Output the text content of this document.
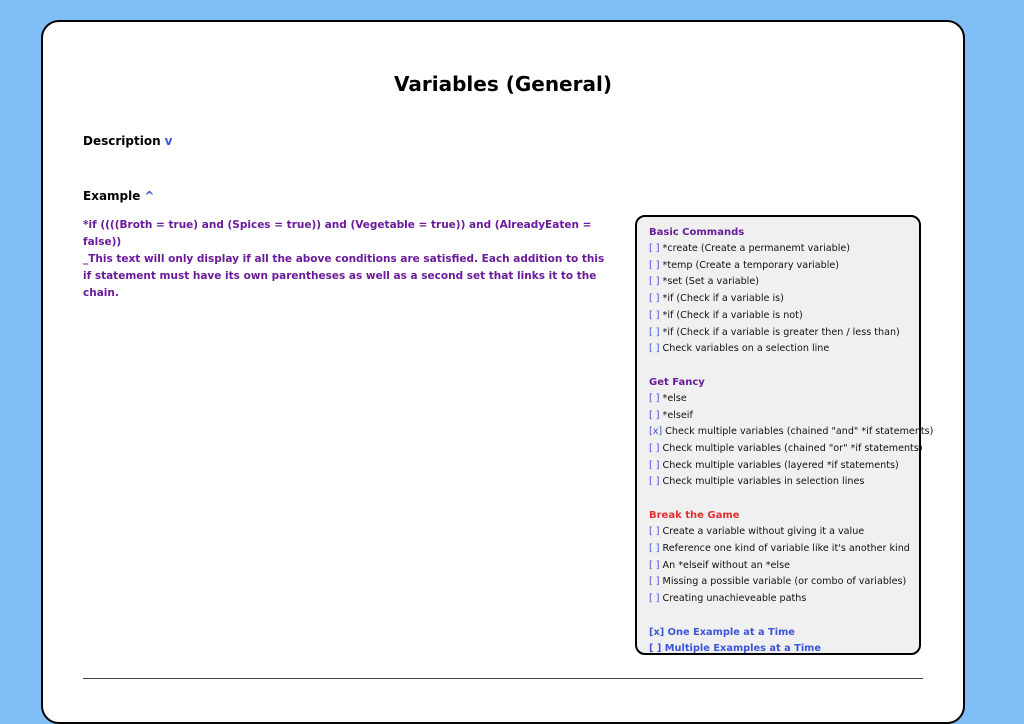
Variables (General)
Description v
Example ^

*if ((((Broth = true) and (Spices = true)) and (Vegetable = true)) and (AlreadyEaten = false))

_This text will only display if all the above conditions are satisfied. Each addition to this if statement must have its own parentheses as well as a second set that links it to the chain.

Basic Commands

[ ] *create (Create a permanemt variable)
[ ] *temp (Create a temporary variable)
[ ] *set (Set a variable)
[ ] *if (Check if a variable is)
[ ] *if (Check if a variable is not)
[ ] *if (Check if a variable is greater then / less than)
[ ] Check variables on a selection line

Get Fancy

[ ] *else
[ ] *elseif
[x] Check multiple variables (chained "and" *if statements)
[ ] Check multiple variables (chained "or" *if statements)
[ ] Check multiple variables (layered *if statements)
[ ] Check multiple variables in selection lines

Break the Game

[ ] Create a variable without giving it a value
[ ] Reference one kind of variable like it's another kind
[ ] An *elseif without an *else
[ ] Missing a possible variable (or combo of variables)
[ ] Creating unachieveable paths
[x] One Example at a Time
[ ] Multiple Examples at a Time
